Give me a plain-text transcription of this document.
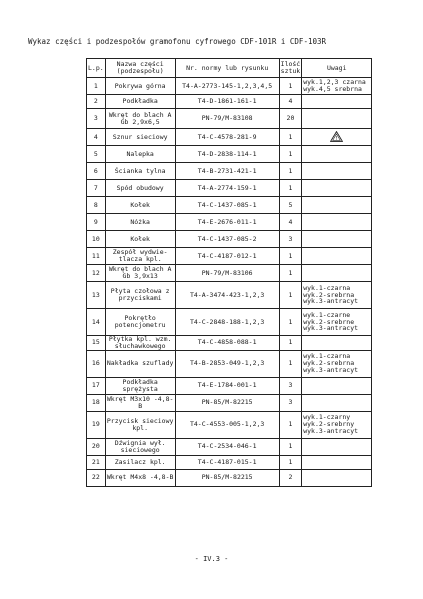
Wykaz części i podzespołów gramofonu cyfrowego CDF-101R i CDF-103R
L.p.	Nazwa części (podzespołu)	Nr. normy lub rysunku	Ilość sztuk	Uwagi
1	Pokrywa górna	T4-A-2773-145-1,2,3,4,5	1	wyk.1,2,3 czarna
wyk.4,5 srebrna
2	Podkładka	T4-D-1861-161-1	4	
3	Wkręt do blach A Gb 2,9x6,5	PN-79/M-83108	20	
4	Sznur sieciowy	T4-C-4578-281-9	1	!

5	Nalepka	T4-D-2838-114-1	1	
6	Ścianka tylna	T4-B-2731-421-1	1	
7	Spód obudowy	T4-A-2774-159-1	1	
8	Kołek	T4-C-1437-085-1	5	
9	Nóżka	T4-E-2676-011-1	4	
10	Kołek	T4-C-1437-085-2	3	
11	Zespół wydwie-tlacza kpl.	T4-C-4187-012-1	1	
12	Wkręt do blach A Gb 3,9x13	PN-79/M-83106	1	
13	Płyta czołowa z przyciskami	T4-A-3474-423-1,2,3	1	wyk.1-czarna
wyk.2-srebrna
wyk.3-antracyt
14	Pokrętło potencjometru	T4-C-2848-188-1,2,3	1	wyk.1-czarne
wyk.2-srebrne
wyk.3-antracyt
15	Płytka kpl. wzm. słuchawkowego	T4-C-4858-088-1	1	
16	Nakładka szuflady	T4-B-2853-049-1,2,3	1	wyk.1-czarna
wyk.2-srebrna
wyk.3-antracyt
17	Podkładka sprężysta	T4-E-1784-001-1	3	
18	Wkręt M3x10 -4,8-B	PN-85/M-82215	3	
19	Przycisk sieciowy kpl.	T4-C-4553-005-1,2,3	1	wyk.1-czarny
wyk.2-srebrny
wyk.3-antracyt
20	Dźwignia wył. sieciowego	T4-C-2534-046-1	1	
21	Zasilacz kpl.	T4-C-4187-015-1	1	
22	Wkręt M4x8 -4,8-B	PN-85/M-82215	2	
- IV.3 -
